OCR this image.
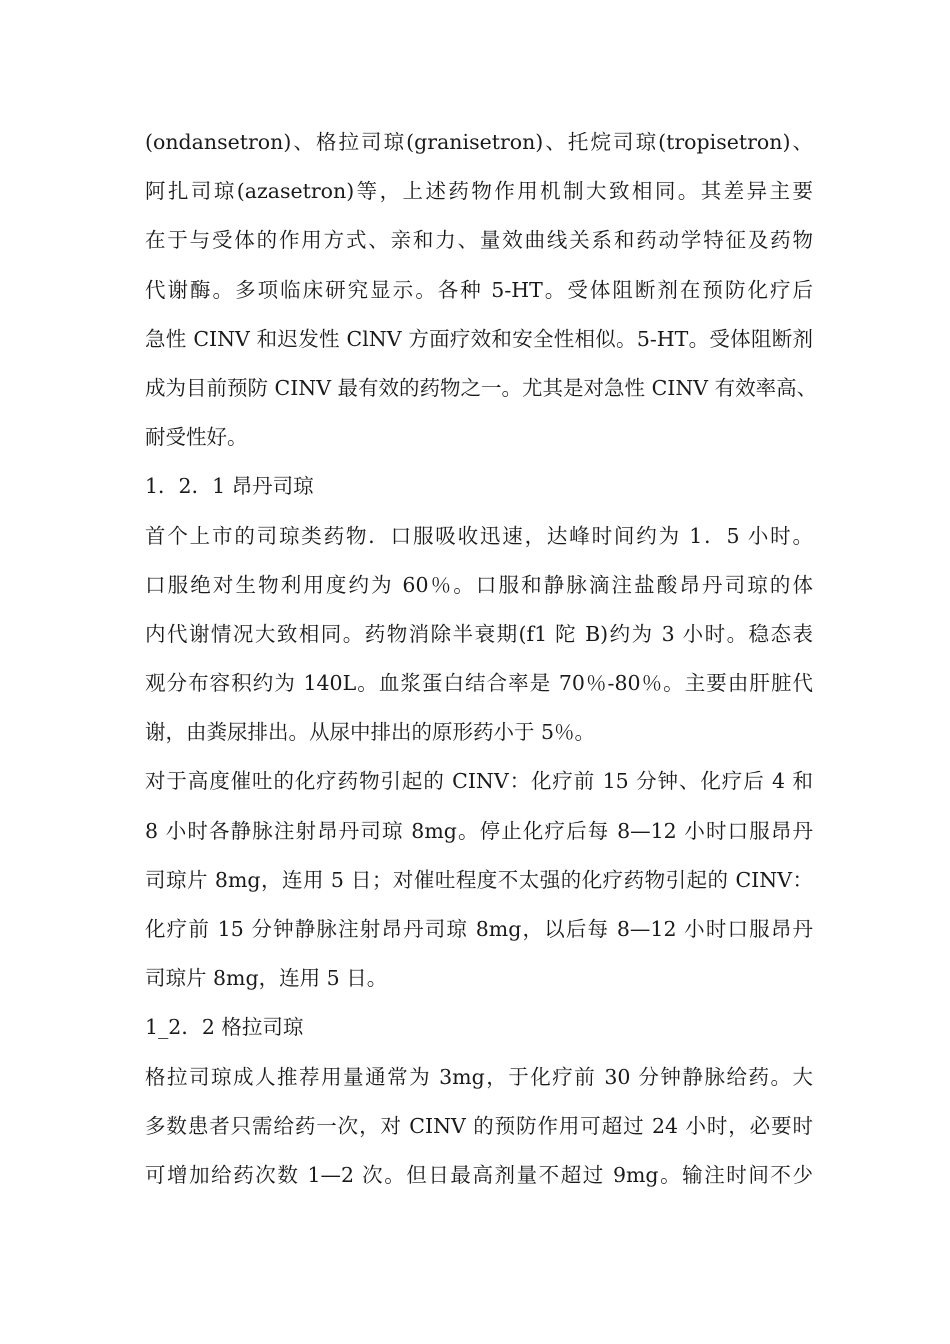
(ondansetron)、格拉司琼(granisetron)、托烷司琼(tropisetron)、
阿扎司琼(azasetron)等，上述药物作用机制大致相同。其差异主要
在于与受体的作用方式、亲和力、量效曲线关系和药动学特征及药物
代谢酶。多项临床研究显示。各种 5-HT。受体阻断剂在预防化疗后
急性 CINV 和迟发性 ClNV 方面疗效和安全性相似。5-HT。受体阻断剂
成为目前预防 CINV 最有效的药物之一。尤其是对急性 CINV 有效率高、
耐受性好。

1．2．1 昂丹司琼

首个上市的司琼类药物．口服吸收迅速，达峰时间约为 1．5 小时。
口服绝对生物利用度约为 60％。口服和静脉滴注盐酸昂丹司琼的体
内代谢情况大致相同。药物消除半衰期(f1 陀 B)约为 3 小时。稳态表
观分布容积约为 140L。血浆蛋白结合率是 70％-80％。主要由肝脏代
谢，由粪尿排出。从尿中排出的原形药小于 5％。

对于高度催吐的化疗药物引起的 CINV：化疗前 15 分钟、化疗后 4 和
8 小时各静脉注射昂丹司琼 8mg。停止化疗后每 8—12 小时口服昂丹
司琼片 8mg，连用 5 日；对催吐程度不太强的化疗药物引起的 CINV：
化疗前 15 分钟静脉注射昂丹司琼 8mg，以后每 8—12 小时口服昂丹
司琼片 8mg，连用 5 日。

1_2．2 格拉司琼

格拉司琼成人推荐用量通常为 3mg，于化疗前 30 分钟静脉给药。大
多数患者只需给药一次，对 CINV 的预防作用可超过 24 小时，必要时
可增加给药次数 1—2 次。但日最高剂量不超过 9mg。输注时间不少
